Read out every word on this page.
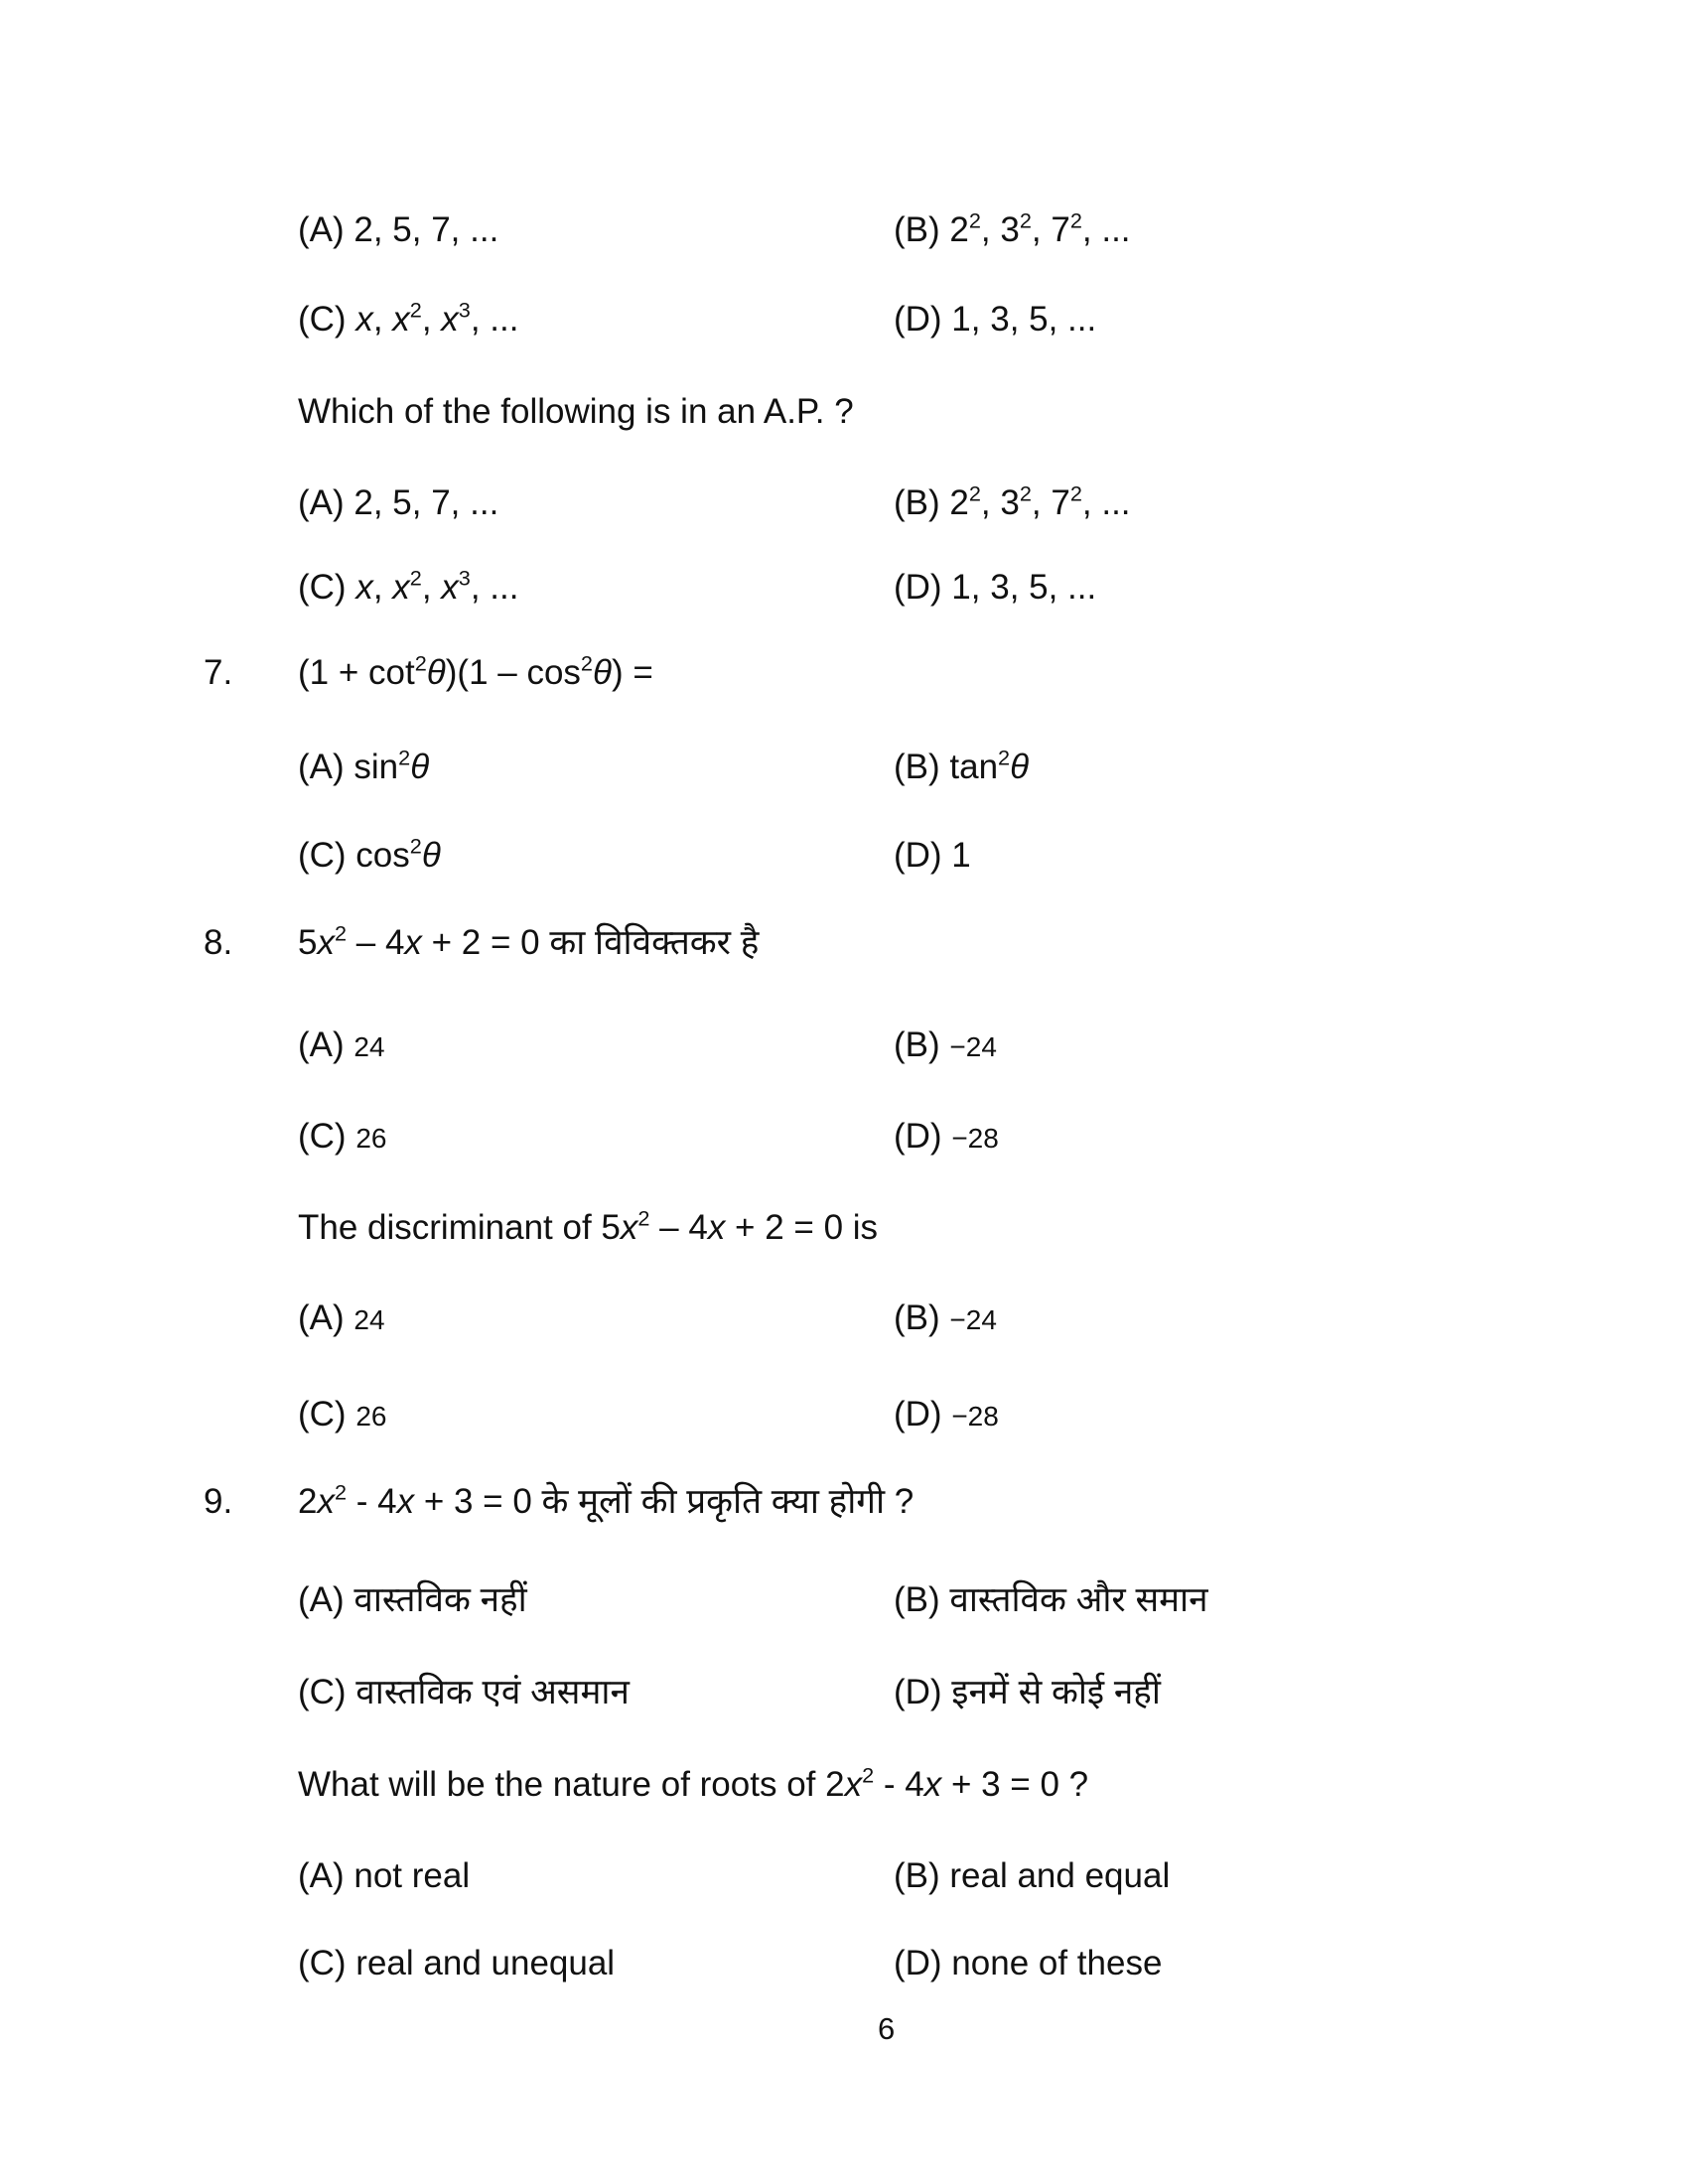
(A) 2, 5, 7, ...	(B) $2^2$, $3^2$, $7^2$, ...
(C) x, $x^2$, $x^3$, ...	(D) 1, 3, 5, ...
Which of the following is in an A.P. ?
(A) 2, 5, 7, ...	(B) $2^2$, $3^2$, $7^2$, ...
(C) x, $x^2$, $x^3$, ...	(D) 1, 3, 5, ...
7. $(1 + \cot^2\theta)(1 - \cos^2\theta)$ =
(A) $\sin^2\theta$	(B) $\tan^2\theta$
(C) $\cos^2\theta$	(D) 1
8. $5x^2 - 4x + 2 = 0$ का विविक्तकर है
(A) 24	(B) −24
(C) 26	(D) −28
The discriminant of $5x^2 - 4x + 2 = 0$ is
(A) 24	(B) −24
(C) 26	(D) −28
9. $2x^2 - 4x + 3 = 0$ के मूलों की प्रकृति क्या होगी ?
(A) वास्तविक नहीं	(B) वास्तविक और समान
(C) वास्तविक एवं असमान	(D) इनमें से कोई नहीं
What will be the nature of roots of $2x^2 - 4x + 3 = 0$ ?
(A) not real	(B) real and equal
(C) real and unequal	(D) none of these
6
